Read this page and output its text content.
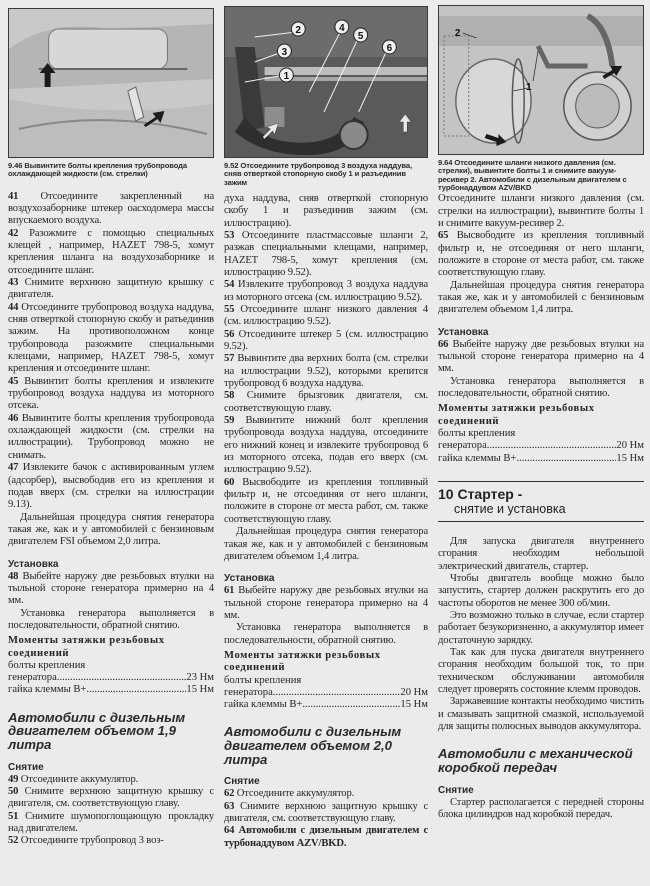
9.46 Вывинтите болты крепления трубопровода охлаждающей жидкости (см. стрелки)

41 Отсоедините закрепленный на воздухозаборнике штекер оасходомера массы впускаемого воздуха.

42 Разожмите с помощью специальных клещей , например, HAZET 798-5, хомут крепления шланга на воздухозаборнике и отсоедините шланг.

43 Снимите верхнюю защитную крышку с двигателя.

44 Отсоедините трубопровод воздуха наддува, сняв отверткой стопорную скобу и ратьединив зажим. На противоположном конце трубопровода разожмите специальными клещами, например, HAZET 798-5, хомут крепления и отсоедините шланг.

45 Вывинтит болты крепления и извлеките трубопровод воздуха наддува из моторного отсека.

46 Вывинтите болты крепления трубопровода охлаждающей жидкости (см. стрелки на иллюстрации). Трубопровод можно не снимать.

47 Извлеките бачок с активированным углем (адсорбер), высвободив его из крепления и подав вверх (см. стрелки на иллюстрации 9.13).

Дальнейшая процедура снятия генератора такая же, как и у автомобилей с бензиновым двигателем FSI объемом 2,0 литра.

Установка

48 Выбейте наружу две резьбовых втулки на тыльной стороне генератора примерно на 4 мм.

Установка генератора выполняется в последовательности, обратной снятию.

Моменты затяжки резьбовых соединений
болты крепления
генератора .....	23 Нм
гайка клеммы В+ .....	15 Нм
Автомобили с дизельным двигателем объемом 1,9 литра
Снятие

49 Отсоедините аккумулятор.

50 Снимите верхнюю защитную крышку с двигателя, см. соответствующую главу.

51 Снимите шумопоглощающую прокладку над двигателем.

52 Отсоедините трубопровод 3 воз-

1
2
3
4
5
6
9.52 Отсоедините трубопровод 3 воздуха наддува, сняв отверткой стопорную скобу 1 и разъединив зажим

духа наддува, сняв отверткой стопорную скобу 1 и разъединив зажим (см. иллюстрацию).

53 Отсоедините пластмассовые шланги 2, разжав специальными клещами, например, HAZET 798-5, хомут крепления (см. иллюстрацию 9.52).

54 Извлеките трубопровод 3 воздуха наддува из моторного отсека (см. иллюстрацию 9.52).

55 Отсоедините шланг низкого давления 4 (см. иллюстрацию 9.52).

56 Отсоедините штекер 5 (см. иллюстрацию 9.52).

57 Вывинтите два верхних болта (см. стрелки на иллюстрации 9.52), которыми крепится трубопровод 6 воздуха наддува.

58 Снимите брызговик двигателя, см. соответствующую главу.

59 Вывинтите нижний болт крепления трубопровода воздуха наддува, отсоедините его нижний конец и извлеките трубопровод 6 из моторного отсека, подав его вверх (см. иллюстрацию 9.52).

60 Высвободите из крепления топливный фильтр и, не отсоединяя от него шланги, положите в стороне от места работ, см. также соответствующую главу.

Дальнейшая процедура снятия генератора такая же, как и у автомобилей с бензиновым двигателем объемом 1,4 литра.

Установка

61 Выбейте наружу две резьбовых втулки на тыльной стороне генератора примерно на 4 мм.

Установка генератора выполняется в последовательности, обратной снятию.

Моменты затяжки резьбовых соединений
болты крепления
генератора .....	20 Нм
гайка клеммы В+ .....	15 Нм
Автомобили с дизельным двигателем объемом 2,0 литра
Снятие

62 Отсоедините аккумулятор.

63 Снимите верхнюю защитную крышку с двигателя, см. соответствующую главу.

64 Автомобили с дизельным двигателем с турбонаддувом AZV/BKD.

1
2
9.64 Отсоедините шланги низкого давления (см. стрелки), вывинтите болты 1 и снимите вакуум-ресивер 2. Автомобили с дизельным двигателем с турбонаддувом AZV/BKD

Отсоедините шланги низкого давления (см. стрелки на иллюстрации), вывинтите болты 1 и снимите вакуум-ресивер 2.

65 Высвободите из крепления топливный фильтр и, не отсоединяя от него шланги, положите в стороне от места работ, см. также соответствующую главу.

Дальнейшая процедура снятия генератора такая же, как и у автомобилей с бензиновым двигателем объемом 1,4 литра.

Установка

66 Выбейте наружу две резьбовых втулки на тыльной стороне генератора примерно на 4 мм.

Установка генератора выполняется в последовательности, обратной снятию.

Моменты затяжки резьбовых соединений
болты крепления
генератора .....	20 Нм
гайка клеммы В+ .....	15 Нм
10 Стартер -
снятие и установка

Для запуска двигателя внутреннего сгорания необходим небольшой электрический двигатель, стартер.

Чтобы двигатель вообще можно было запустить, стартер должен раскрутить его до частоты оборотов не менее 300 об/мин.

Это возможно только в случае, если стартер работает безукоризненно, а аккумулятор имеет достаточную зарядку.

Так как для пуска двигателя внутреннего сгорания необходим большой ток, то при техническом обслуживании автомобиля следует проверять состояние клемм проводов.

Заржавевшие контакты необходимо чистить и смазывать защитной смазкой, используемой для защиты полюсных выводов аккумулятора.

Автомобили с механической коробкой передач
Снятие

Стартер располагается с передней стороны блока цилиндров над коробкой передач.
